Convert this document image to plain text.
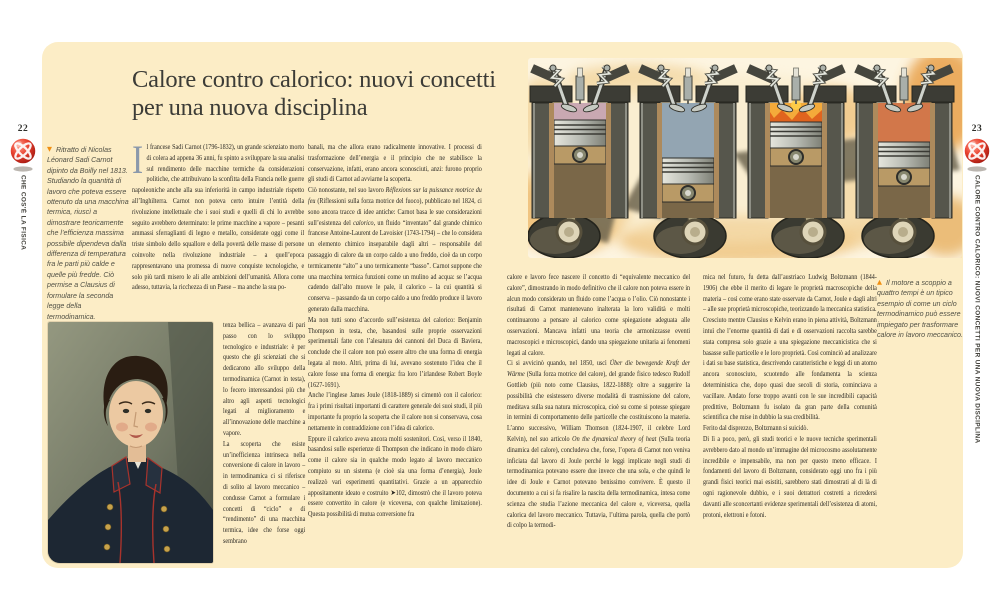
Calore contro calorico: nuovi concetti per una nuova disciplina
▼ Ritratto di Nicolas Léonard Sadi Carnot dipinto da Boilly nel 1813. Studiando la quantità di lavoro che poteva essere ottenuto da una macchina termica, riuscì a dimostrare teoricamente che l’efficienza massima possibile dipendeva dalla differenza di temperatura fra le parti più calde e quelle più fredde. Ciò permise a Clausius di formulare la seconda legge della termodinamica.
Il francese Sadi Carnot (1796-1832), un grande scienziato morto di colera ad appena 36 anni, fu spinto a sviluppare la sua analisi sul rendimento delle macchine termiche da considerazioni politiche, che attribuivano la sconfitta della Francia nelle guerre napoleoniche anche alla sua inferiorità in campo industriale rispetto all’Inghilterra. Carnot non poteva certo intuire l’entità della rivoluzione intellettuale che i suoi studi e quelli di chi lo avrebbe seguito avrebbero determinato: le prime macchine a vapore – pesanti ammassi sferraglianti di legno e metallo, considerate oggi come il triste simbolo dello squallore e della povertà delle masse di persone coinvolte nella rivoluzione industriale – a quell’epoca rappresentavano una promessa di nuove conquiste tecnologiche, e solo più tardi misero le ali alle ambizioni dell’umanità. Allora come adesso, tuttavia, la ricchezza di un Paese – ma anche la sua po-
tenza bellica – avanzava di pari passo con lo sviluppo tecnologico e industriale: è per questo che gli scienziati che si dedicarono allo sviluppo della termodinamica (Carnot in testa), lo fecero interessandosi più che altro agli aspetti tecnologici legati al miglioramento e all’innovazione delle macchine a vapore.
La scoperta che esiste un’inefficienza intrinseca nella conversione di calore in lavoro – in termodinamica ci si riferisce di solito al lavoro meccanico – condusse Carnot a formulare i concetti di “ciclo” e di “rendimento” di una macchina termica, idee che forse oggi sembrano
banali, ma che allora erano radicalmente innovative. I processi di trasformazione dell’energia e il principio che ne stabilisce la conservazione, infatti, erano ancora sconosciuti, anzi: furono proprio gli studi di Carnot ad avviarne la scoperta.
Ciò nonostante, nel suo lavoro Réflexions sur la puissance motrice du feu (Riflessioni sulla forza motrice del fuoco), pubblicato nel 1824, ci sono ancora tracce di idee antiche: Carnot basa le sue considerazioni sull’esistenza del calorico, un fluido “inventato” dal grande chimico francese Antoine-Laurent de Lavoisier (1743-1794) – che lo considera un elemento chimico inseparabile dagli altri – responsabile del passaggio di calore da un corpo caldo a uno freddo, cioè da un corpo termicamente “alto” a uno termicamente “basso”. Carnot suppone che una macchina termica funzioni come un mulino ad acqua: se l’acqua cadendo dall’alto muove le pale, il calorico – la cui quantità si conserva – passando da un corpo caldo a uno freddo produce il lavoro generato dalla macchina.
Ma non tutti sono d’accordo sull’esistenza del calorico: Benjamin Thompson in testa, che, basandosi sulle proprie osservazioni sperimentali fatte con l’alesatura dei cannoni del Duca di Baviera, conclude che il calore non può essere altro che una forma di energia legata al moto. Altri, prima di lui, avevano sostenuto l’idea che il calore fosse una forma di energia: fra loro l’irlandese Robert Boyle (1627-1691).
Anche l’inglese James Joule (1818-1889) si cimentò con il calorico: fra i primi risultati importanti di carattere generale dei suoi studi, il più importante fu proprio la scoperta che il calore non si conservava, cosa nettamente in contraddizione con l’idea di calorico.
Eppure il calorico aveva ancora molti sostenitori. Così, verso il 1840, basandosi sulle esperienze di Thompson che indicano in modo chiaro come il calore sia in qualche modo legato al lavoro meccanico compiuto su un sistema (e cioè sia una forma d’energia), Joule realizzò vari esperimenti quantitativi. Grazie a un apparecchio appositamente ideato e costruito ➤102, dimostrò che il lavoro poteva essere convertito in calore (e viceversa, con qualche limitazione). Questa possibilità di mutua conversione fra
calore e lavoro fece nascere il concetto di “equivalente meccanico del calore”, dimostrando in modo definitivo che il calore non poteva essere in alcun modo considerato un fluido come l’acqua o l’olio. Ciò nonostante i risultati di Carnot mantenevano inalterata la loro validità e molti continuarono a pensare al calorico come spiegazione adeguata alle osservazioni. Mancava infatti una teoria che armonizzasse eventi macroscopici e microscopici, dando una spiegazione unitaria ai fenomeni legati al calore.
Ci si avvicinò quando, nel 1850, uscì Über die bewegende Kraft der Wärme (Sulla forza motrice del calore), del grande fisico tedesco Rudolf Gottlieb (più noto come Clausius, 1822-1888): oltre a suggerire la possibilità che esistessero diverse modalità di trasmissione del calore, meditava sulla sua natura microscopica, cioè su come si potesse spiegare in termini di comportamento delle particelle che costituiscono la materia. L’anno successivo, William Thomson (1824-1907, il celebre Lord Kelvin), nel suo articolo On the dynamical theory of heat (Sulla teoria dinamica del calore), concludeva che, forse, l’opera di Carnot non veniva inficiata dal lavoro di Joule perché le leggi implicate negli studi di termodinamica potevano essere due invece che una sola, e che quindi le idee di Joule e Carnot potevano benissimo convivere. È questo il documento a cui si fa risalire la nascita della termodinamica, intesa come scienza che studia l’azione meccanica del calore e, viceversa, quella calorica del lavoro meccanico. Tuttavia, l’ultima parola, quella che portò di colpo la termodi-
mica nel futuro, fu detta dall’austriaco Ludwig Boltzmann (1844-1906) che ebbe il merito di legare le proprietà macroscopiche della materia – così come erano state osservate da Carnot, Joule e dagli altri – alle sue proprietà microscopiche, teorizzando la meccanica statistica.
Cresciuto mentre Clausius e Kelvin erano in piena attività, Boltzmann intuì che l’enorme quantità di dati e di osservazioni raccolta sarebbe stata compresa solo grazie a una spiegazione meccanicistica che si basasse sulle particelle e le loro proprietà. Così cominciò ad analizzare i dati su base statistica, descrivendo caratteristiche e leggi di un atomo ancora sconosciuto, scuotendo alle fondamenta la scienza deterministica che, dopo quasi due secoli di storia, cominciava a vacillare. Andato forse troppo avanti con le sue incredibili capacità predittive, Boltzmann fu isolato da gran parte della comunità scientifica che mise in dubbio la sua credibilità.
Ferito dal disprezzo, Boltzmann si suicidò.
Di lì a poco, però, gli studi teorici e le nuove tecniche sperimentali avrebbero dato al mondo un’immagine del microcosmo assolutamente incredibile e impensabile, ma non per questo meno efficace. I fondamenti del lavoro di Boltzmann, considerato oggi uno fra i più grandi fisici teorici mai esistiti, sarebbero stati dimostrati al di là di ogni ragionevole dubbio, e i suoi detrattori costretti a ricredersi davanti alle sconcertanti evidenze sperimentali dell’esistenza di atomi, protoni, elettroni e fotoni.
▲ Il motore a scoppio a quattro tempi è un tipico esempio di come un ciclo termodinamico può essere impiegato per trasformare calore in lavoro meccanico.
22
CHE COS'È LA FISICA
23
CALORE CONTRO CALORICO: NUOVI CONCETTI PER UNA NUOVA DISCIPLINA
